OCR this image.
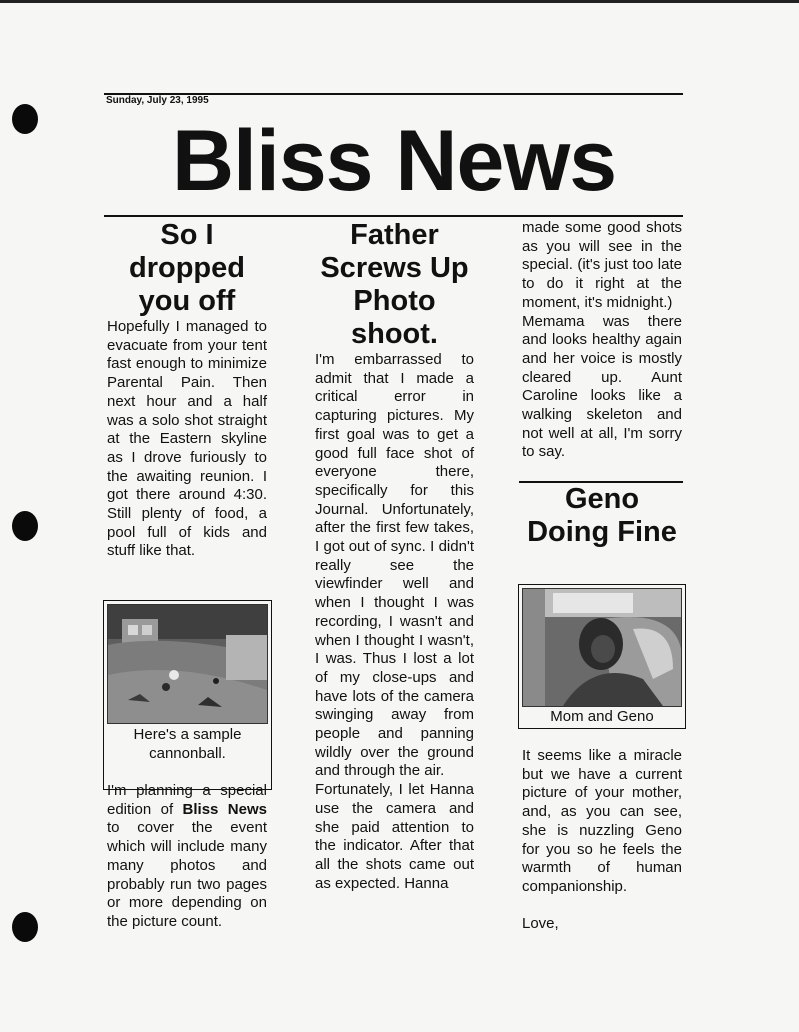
Sunday, July 23, 1995
Bliss News
So I dropped you off

Hopefully I managed to evacuate from your tent fast enough to minimize Parental Pain. Then next hour and a half was a solo shot straight at the Eastern skyline as I drove furiously to the awaiting reunion. I got there around 4:30. Still plenty of food, a pool full of kids and stuff like that.

Here's a sample cannonball.

I'm planning a special edition of Bliss News to cover the event which will include many many photos and probably run two pages or more depending on the picture count.

Father Screws Up Photo shoot.

I'm embarrassed to admit that I made a critical error in capturing pictures. My first goal was to get a good full face shot of everyone there, specifically for this Journal. Unfortunately, after the first few takes, I got out of sync. I didn't really see the viewfinder well and when I thought I was recording, I wasn't and when I thought I wasn't, I was. Thus I lost a lot of my close-ups and have lots of the camera swinging away from people and panning wildly over the ground and through the air.

Fortunately, I let Hanna use the camera and she paid attention to the indicator. After that all the shots came out as expected. Hanna

made some good shots as you will see in the special. (it's just too late to do it right at the moment, it's midnight.)

Memama was there and looks healthy again and her voice is mostly cleared up. Aunt Caroline looks like a walking skeleton and not well at all, I'm sorry to say.

Geno Doing Fine
Mom and Geno

It seems like a miracle but we have a current picture of your mother, and, as you can see, she is nuzzling Geno for you so he feels the warmth of human companionship.

Love,
